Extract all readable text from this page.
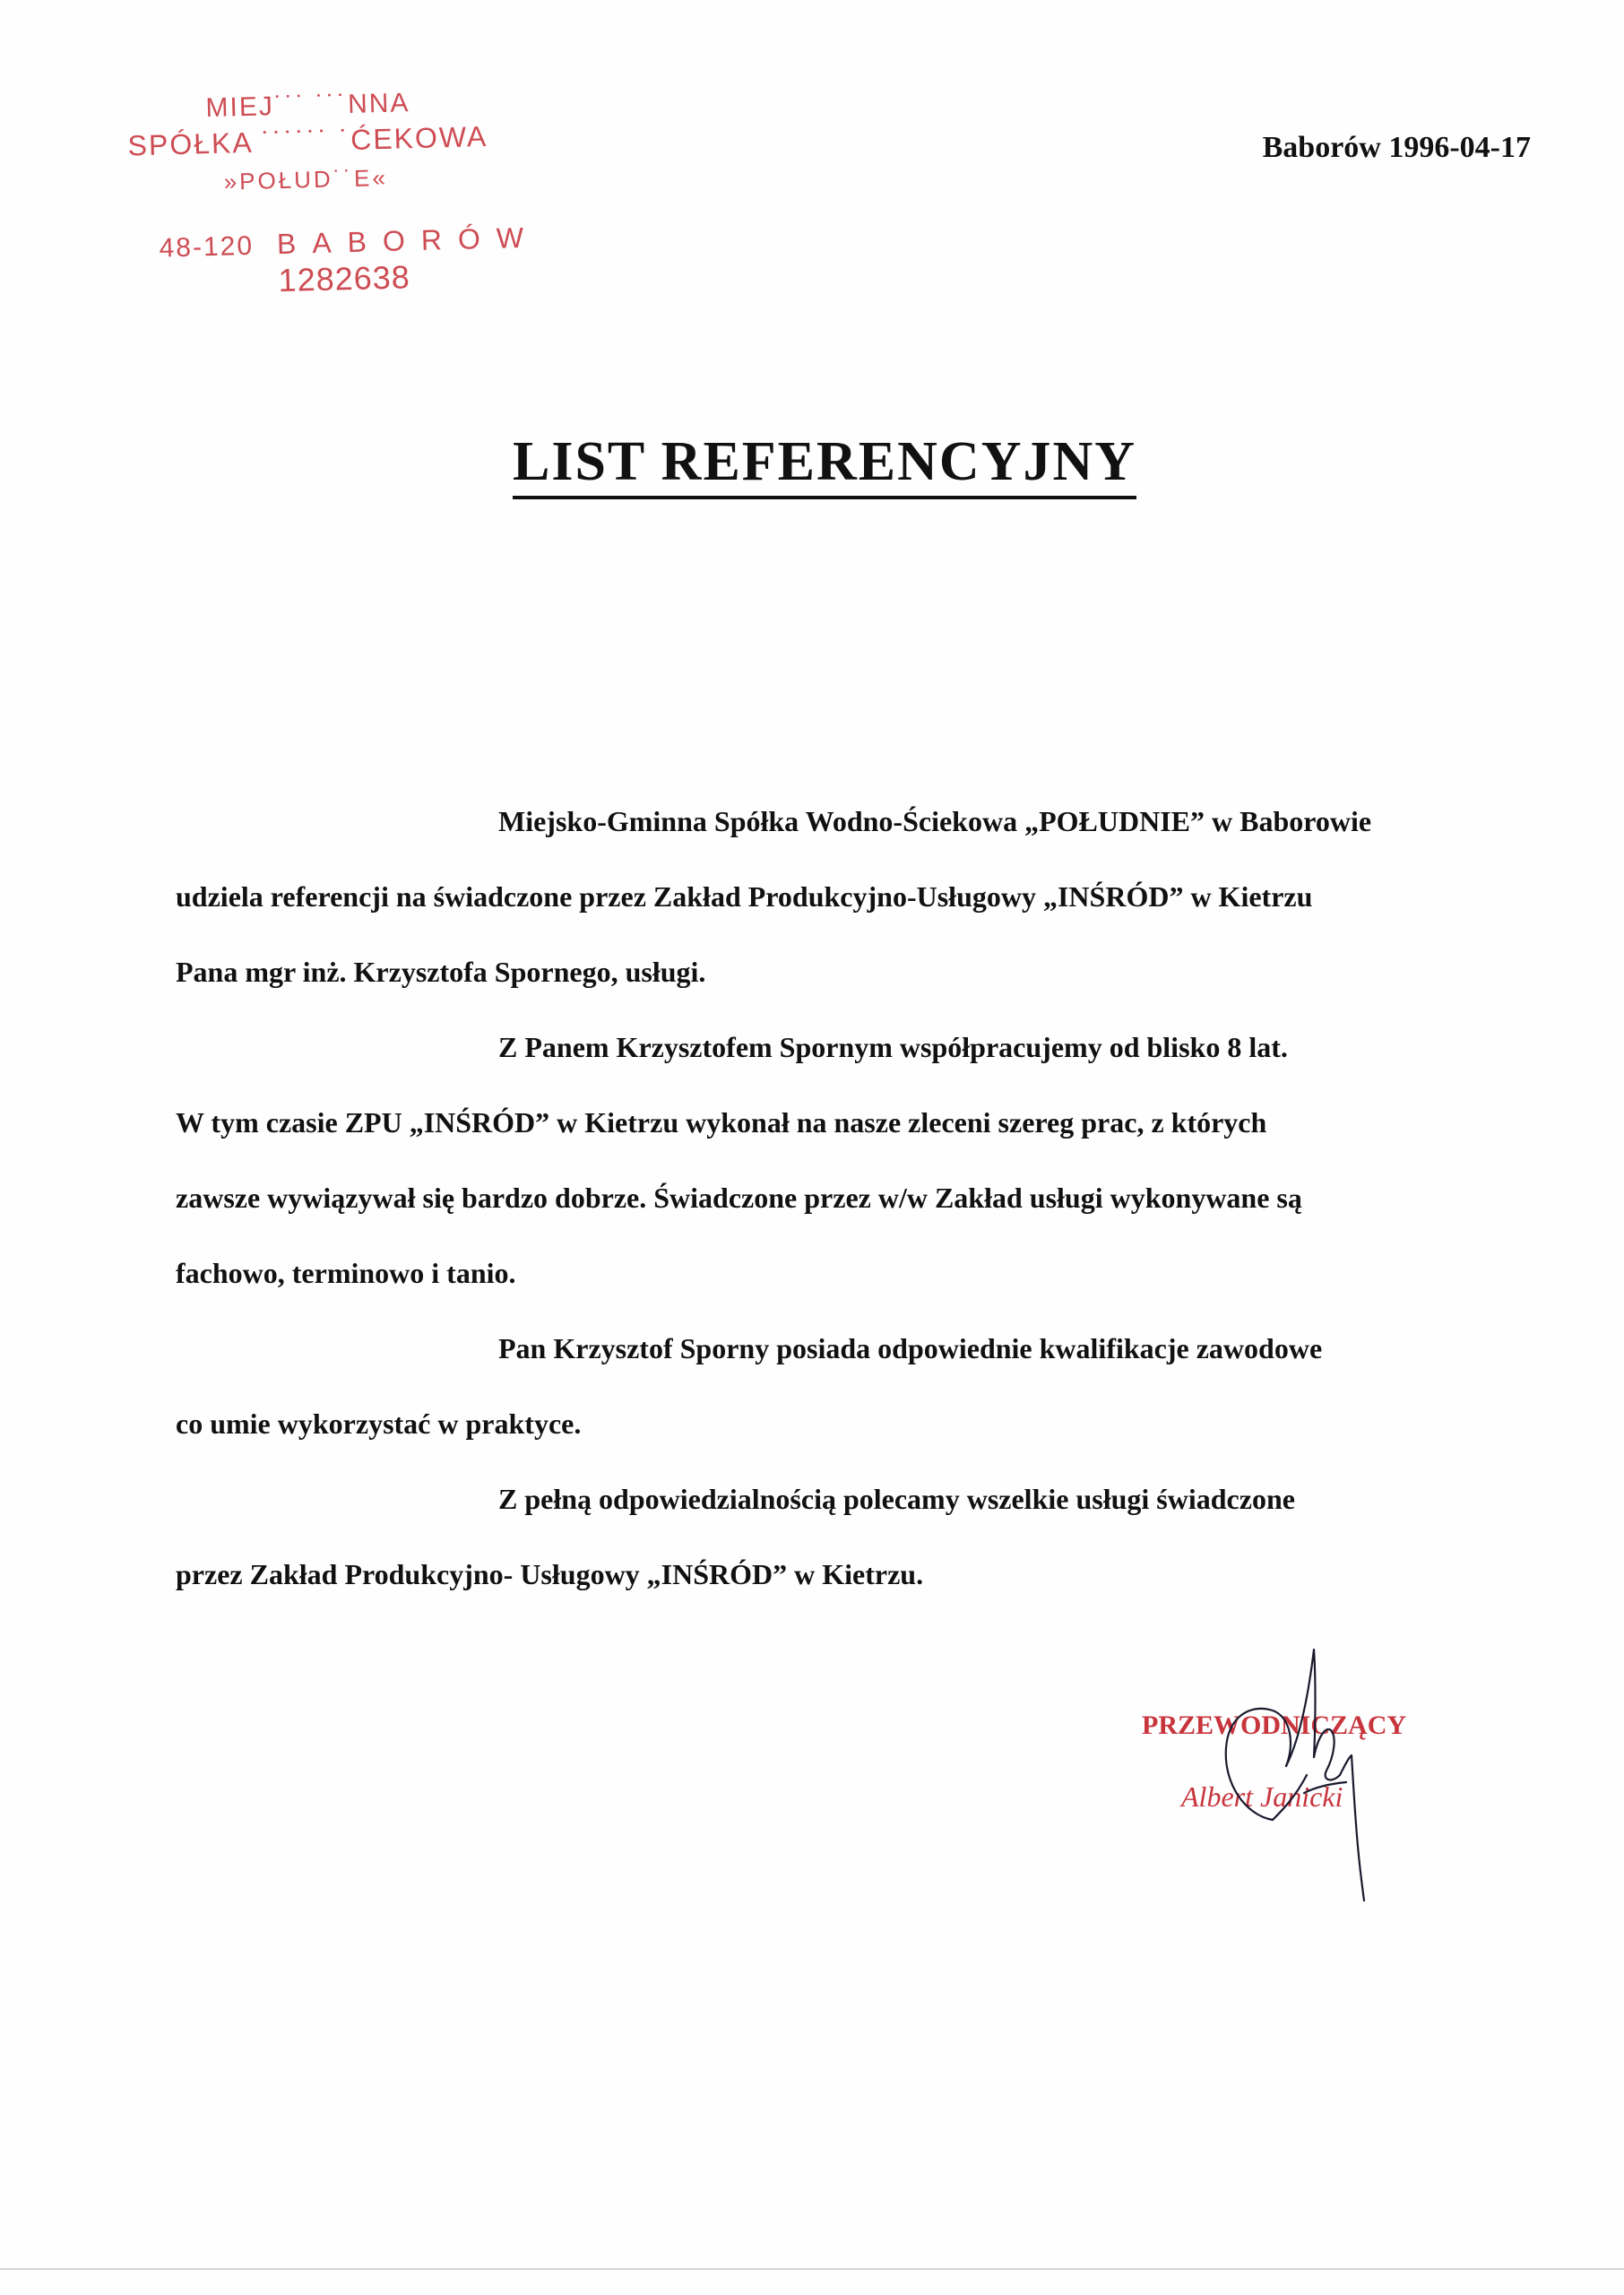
MIEJ˙˙˙ ˙˙˙NNA
SPÓŁKA ˙˙˙˙˙˙ ˙ĆEKOWA
»POŁUD˙˙E«
48-120 BABORÓW
1282638
Baborów 1996-04-17
LIST REFERENCYJNY

Miejsko-Gminna Spółka Wodno-Ściekowa „POŁUDNIE” w Baborowie

udziela referencji na świadczone przez Zakład Produkcyjno-Usługowy „INŚRÓD” w Kietrzu

Pana mgr inż. Krzysztofa Spornego, usługi.

Z Panem Krzysztofem Spornym współpracujemy od blisko 8 lat.

W tym czasie ZPU „INŚRÓD” w Kietrzu wykonał na nasze zleceni szereg prac, z których

zawsze wywiązywał się bardzo dobrze. Świadczone przez w/w Zakład usługi wykonywane są

fachowo, terminowo i tanio.

Pan Krzysztof Sporny posiada odpowiednie kwalifikacje zawodowe

co umie wykorzystać w praktyce.

Z pełną odpowiedzialnością polecamy wszelkie usługi świadczone

przez Zakład Produkcyjno- Usługowy „INŚRÓD” w Kietrzu.

PRZEWODNICZĄCY
Albert Janicki
